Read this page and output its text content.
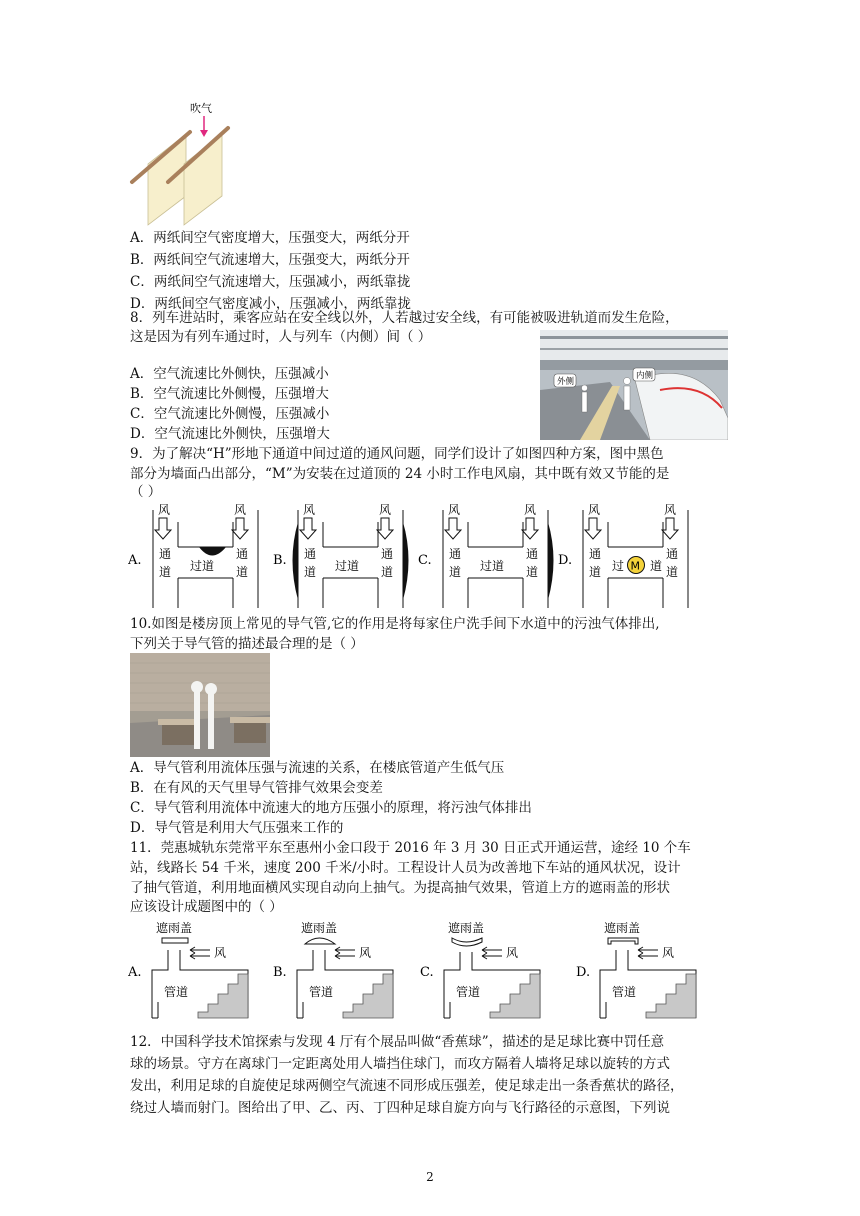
吹气
A．两纸间空气密度增大，压强变大，两纸分开
B．两纸间空气流速增大，压强变大，两纸分开
C．两纸间空气流速增大，压强减小，两纸靠拢
D．两纸间空气密度减小，压强减小，两纸靠拢
8．列车进站时，乘客应站在安全线以外，人若越过安全线，有可能被吸进轨道而发生危险，
这是因为有列车通过时，人与列车（内侧）间（ ）
外侧
内侧
A．空气流速比外侧快，压强减小
B．空气流速比外侧慢，压强增大
C．空气流速比外侧慢，压强减小
D．空气流速比外侧快，压强增大
9．为了解决“H”形地下通道中间过道的通风问题，同学们设计了如图四种方案，图中黑色
部分为墙面凸出部分，“M”为安装在过道顶的 24 小时工作电风扇，其中既有效又节能的是
（ ）
A.
风	风
通
道
通
道
过道	B.
风	风
通
道
通
道
过道	C.
风	风
通
道
通
道
过道	D.
风	风
通
道
通
道
过 道
M
10.如图是楼房顶上常见的导气管,它的作用是将每家住户洗手间下水道中的污浊气体排出,
下列关于导气管的描述最合理的是（ ）
A．导气管利用流体压强与流速的关系，在楼底管道产生低气压
B．在有风的天气里导气管排气效果会变差
C．导气管利用流体中流速大的地方压强小的原理，将污浊气体排出
D．导气管是利用大气压强来工作的
11．莞惠城轨东莞常平东至惠州小金口段于 2016 年 3 月 30 日正式开通运营，途经 10 个车
站，线路长 54 千米，速度 200 千米/小时。工程设计人员为改善地下车站的通风状况，设计
了抽气管道，利用地面横风实现自动向上抽气。为提高抽气效果，管道上方的遮雨盖的形状
应该设计成题图中的（ ）
A.
遮雨盖
风
管道
B.
遮雨盖
风
管道
C.
遮雨盖
风
管道
D.
遮雨盖
风
管道
12．中国科学技术馆探索与发现 4 厅有个展品叫做“香蕉球”，描述的是足球比赛中罚任意
球的场景。守方在离球门一定距离处用人墙挡住球门，而攻方隔着人墙将足球以旋转的方式
发出，利用足球的自旋使足球两侧空气流速不同形成压强差，使足球走出一条香蕉状的路径，
绕过人墙而射门。图给出了甲、乙、丙、丁四种足球自旋方向与飞行路径的示意图，下列说
2
